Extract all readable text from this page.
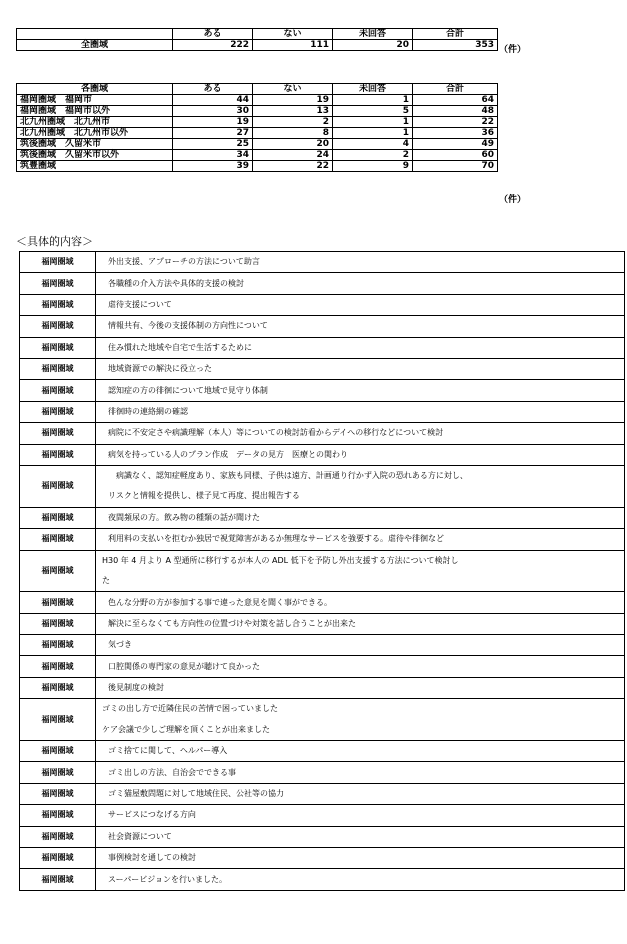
	ある	ない	未回答	合計
全圏域	222	111	20	353 （件）
各圏域	ある	ない	未回答	合計
福岡圏域　福岡市	44	19	1	64
福岡圏域　福岡市以外	30	13	5	48
北九州圏域　北九州市	19	2	1	22
北九州圏域　北九州市以外	27	8	1	36
筑後圏域　久留米市	25	20	4	49
筑後圏域　久留米市以外	34	24	2	60
筑豊圏域	39	22	9	70
（件）
＜具体的内容＞
福岡圏域	外出支援、アプローチの方法について助言
福岡圏域	各職種の介入方法や具体的支援の検討
福岡圏域	虐待支援について
福岡圏域	情報共有、今後の支援体制の方向性について
福岡圏域	住み慣れた地域や自宅で生活するために
福岡圏域	地域資源での解決に役立った
福岡圏域	認知症の方の徘徊について地域で見守り体制
福岡圏域	徘徊時の連絡網の確認
福岡圏域	病院に不安定さや病識理解（本人）等についての検討訪看からデイへの移行などについて検討
福岡圏域	病気を持っている人のプラン作成　データの見方　医療との関わり
福岡圏域	病識なく、認知症軽度あり、家族も同様、子供は遠方、計画通り行かず入院の恐れある方に対し、
リスクと情報を提供し、様子見て再度、提出報告する

福岡圏域	夜間頻尿の方。飲み物の種類の話が聞けた
福岡圏域	利用料の支払いを拒むか独居で視覚障害があるか無理なサービスを強要する。虐待や徘徊など
福岡圏域	H30 年 4 月より A 型通所に移行するが本人の ADL 低下を予防し外出支援する方法について検討し
た

福岡圏域	色んな分野の方が参加する事で違った意見を聞く事ができる。
福岡圏域	解決に至らなくても方向性の位置づけや対策を話し合うことが出来た
福岡圏域	気づき
福岡圏域	口腔関係の専門家の意見が聴けて良かった
福岡圏域	後見制度の検討
福岡圏域	ゴミの出し方で近隣住民の苦情で困っていました
ケア会議で少しご理解を頂くことが出来ました

福岡圏域	ゴミ捨てに関して、ヘルパー導入
福岡圏域	ゴミ出しの方法、自治会でできる事
福岡圏域	ゴミ猫屋敷問題に対して地域住民、公社等の協力
福岡圏域	サービスにつなげる方向
福岡圏域	社会資源について
福岡圏域	事例検討を通しての検討
福岡圏域	スーパービジョンを行いました。
